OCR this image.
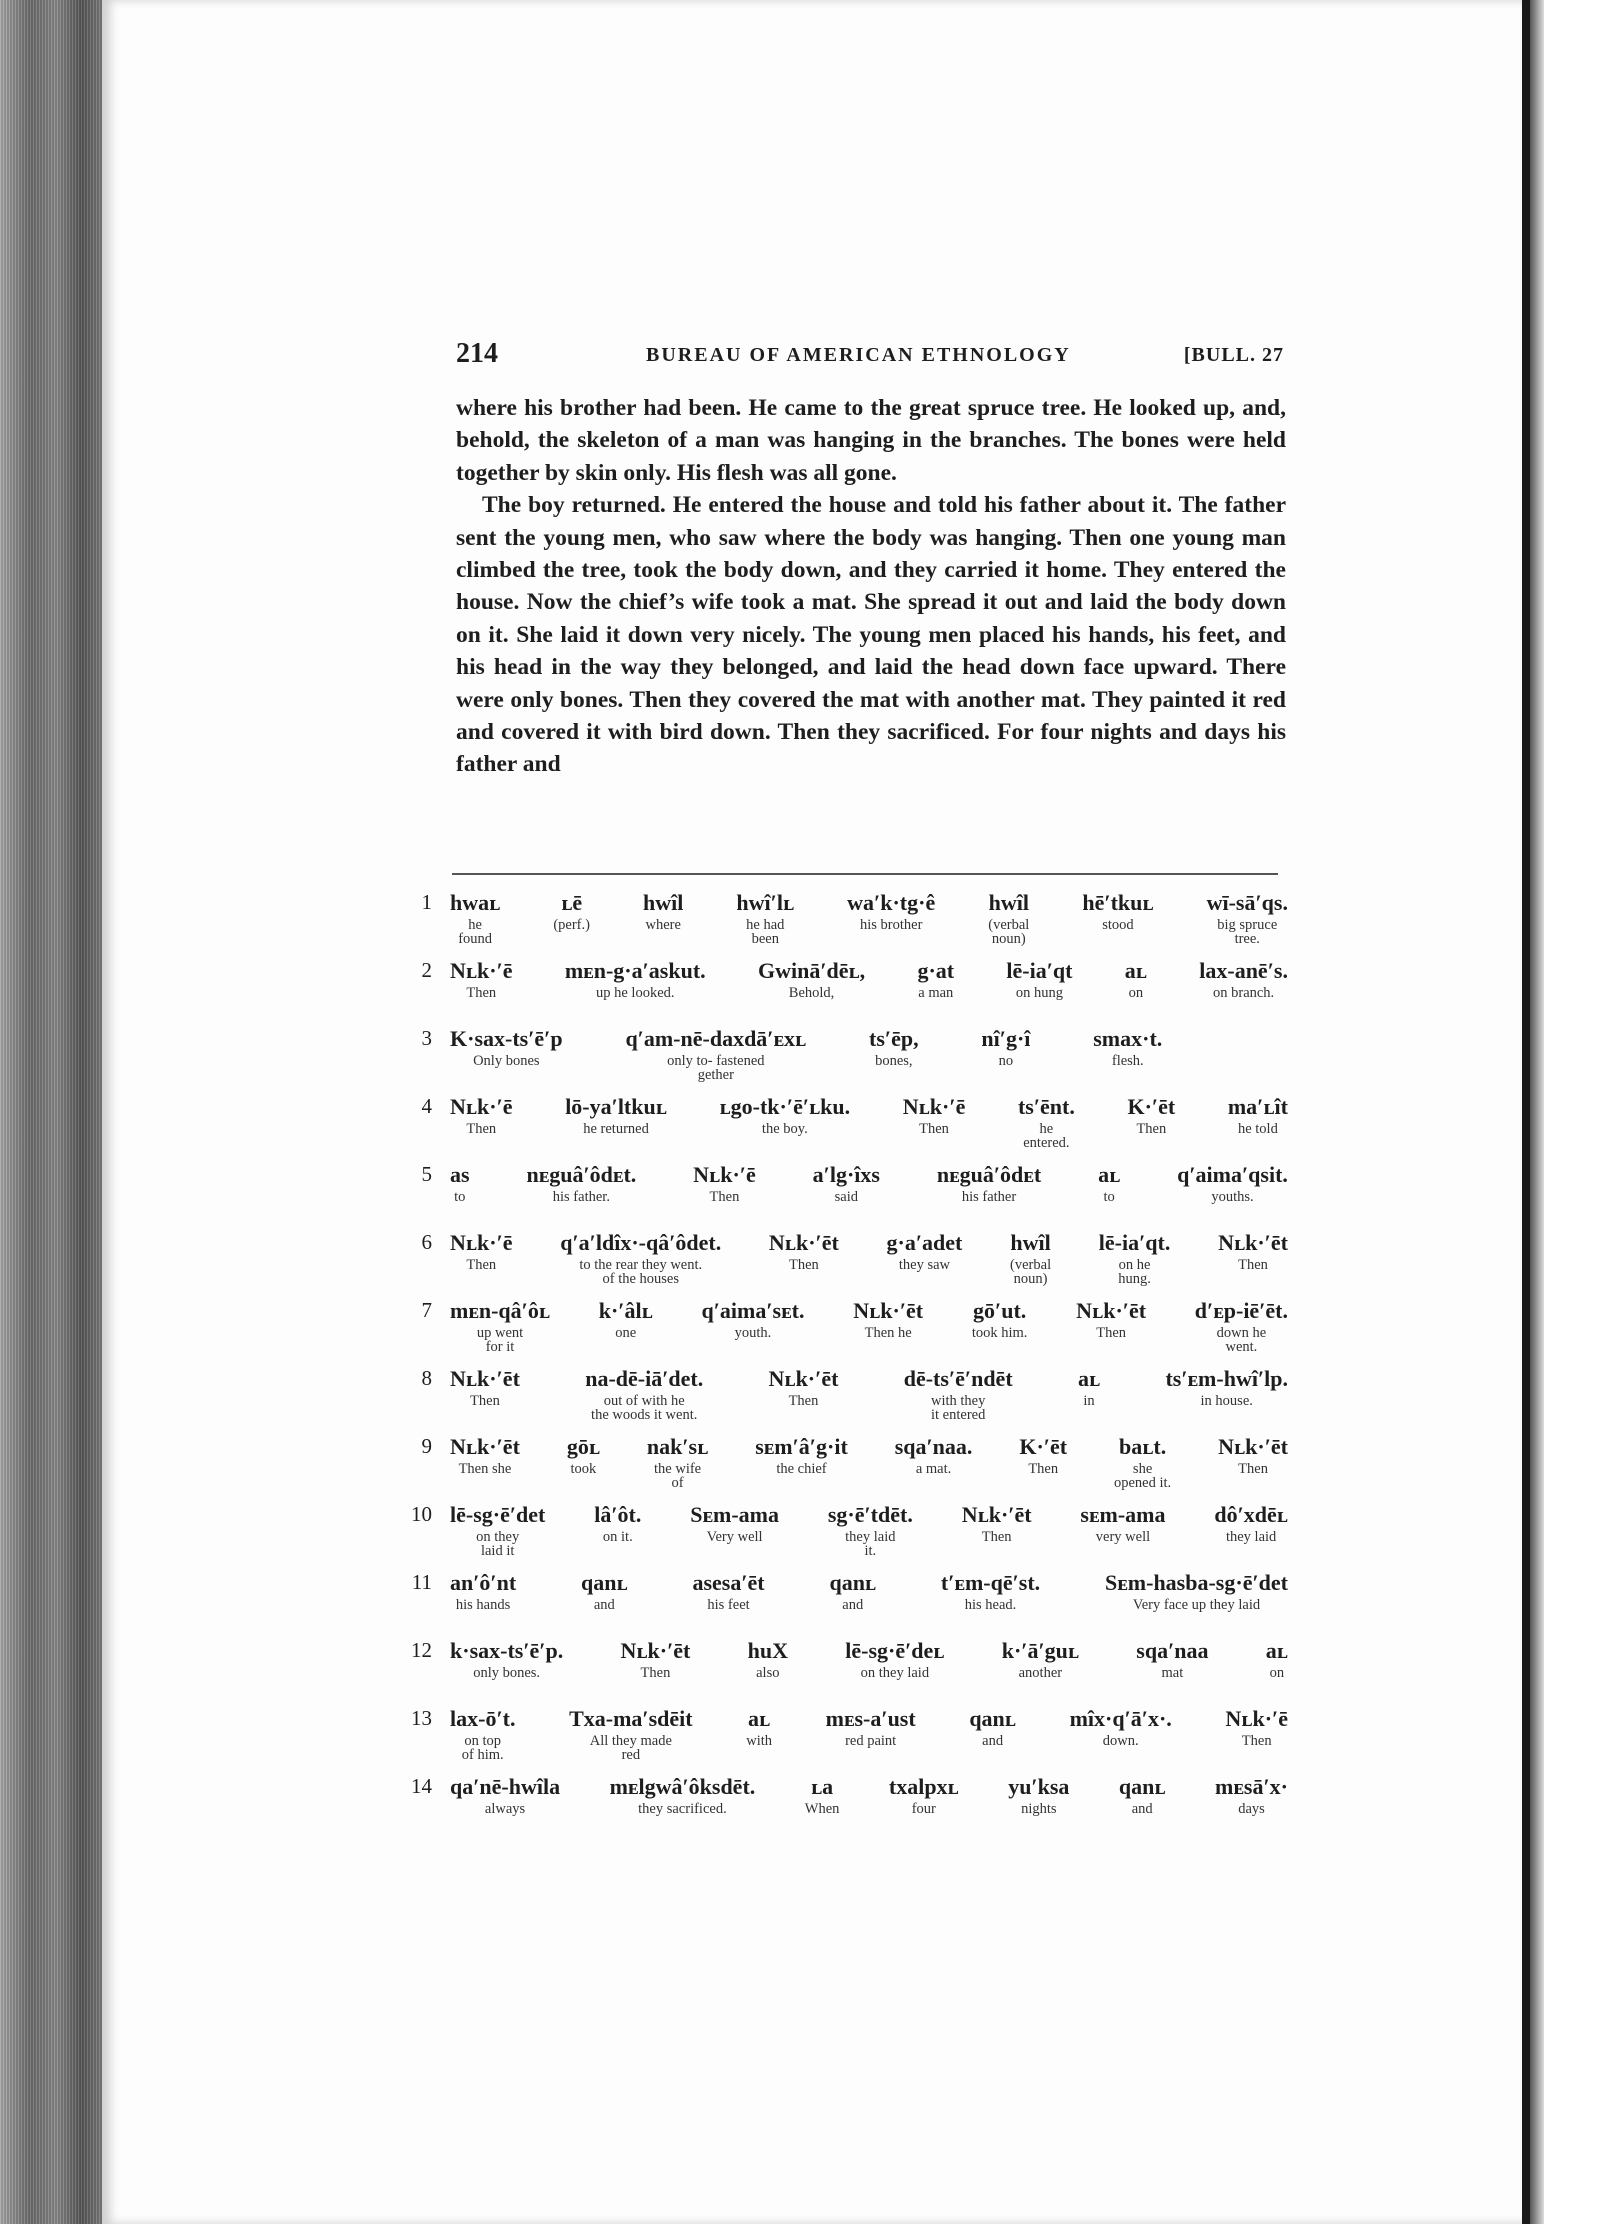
214	BUREAU OF AMERICAN ETHNOLOGY	[BULL. 27

where his brother had been. He came to the great spruce tree. He looked up, and, behold, the skeleton of a man was hanging in the branches. The bones were held together by skin only. His flesh was all gone.

The boy returned. He entered the house and told his father about it. The father sent the young men, who saw where the body was hanging. Then one young man climbed the tree, took the body down, and they carried it home. They entered the house. Now the chief’s wife took a mat. She spread it out and laid the body down on it. She laid it down very nicely. The young men placed his hands, his feet, and his head in the way they belonged, and laid the head down face upward. There were only bones. Then they covered the mat with another mat. They painted it red and covered it with bird down. Then they sacrificed. For four nights and days his father and

1 hwaʟ
he
found
ʟē
(perf.)
hwîl
where
hwî′lʟ
he had
been
wa′k·tg·ê
his brother
hwîl
(verbal
noun)
hē′tkuʟ
stood
wī-sā′qs.
big spruce
tree.
2 Nʟk·′ē
Then
mᴇn-g·a′askut.
up he looked.
Gwinā′dēʟ,
Behold,
g·at
a man
lē-ia′qt
on hung
aʟ
on
lax-anē′s.
on branch.
3 K·sax-ts′ē′p
Only bones
q′am-nē-daxdā′ᴇxʟ
only to- fastened
gether
ts′ēp,
bones,
nî′g·î
no
smax·t.
flesh.
4 Nʟk·′ē
Then
lō-ya′ltkuʟ
he returned
ʟgo-tk·′ē′ʟku.
the boy.
Nʟk·′ē
Then
ts′ēnt.
he
entered.
K·′ēt
Then
ma′ʟît
he told
5 as
to
nᴇguâ′ôdᴇt.
his father.
Nʟk·′ē
Then
a′lg·îxs
said
nᴇguâ′ôdᴇt
his father
aʟ
to
q′aima′qsit.
youths.
6 Nʟk·′ē
Then
q′a′ldîx·-qâ′ôdet.
to the rear they went.
of the houses
Nʟk·′ēt
Then
g·a′adet
they saw
hwîl
(verbal
noun)
lē-ia′qt.
on he
hung.
Nʟk·′ēt
Then
7 mᴇn-qâ′ôʟ
up went
for it
k·′âlʟ
one
q′aima′sᴇt.
youth.
Nʟk·′ēt
Then he
gō′ut.
took him.
Nʟk·′ēt
Then
d′ᴇp-iē′ēt.
down he
went.
8 Nʟk·′ēt
Then
na-dē-iā′det.
out of with he
the woods it went.
Nʟk·′ēt
Then
dē-ts′ē′ndēt
with they
it entered
aʟ
in
ts′ᴇm-hwî′lp.
in house.
9 Nʟk·′ēt
Then she
gōʟ
took
nak′sʟ
the wife
of
sᴇm′â′g·it
the chief
sqa′naa.
a mat.
K·′ēt
Then
baʟt.
she
opened it.
Nʟk·′ēt
Then
10 lē-sg·ē′det
on they
laid it
lâ′ôt.
on it.
Sᴇm-ama
Very well
sg·ē′tdēt.
they laid
it.
Nʟk·′ēt
Then
sᴇm-ama
very well
dô′xdēʟ
they laid
11 an′ô′nt
his hands
qanʟ
and
asesa′ēt
his feet
qanʟ
and
t′ᴇm-qē′st.
his head.
Sᴇm-hasba-sg·ē′det
Very face up they laid
12 k·sax-ts′ē′p.
only bones.
Nʟk·′ēt
Then
huX
also
lē-sg·ē′deʟ
on they laid
k·′ā′guʟ
another
sqa′naa
mat
aʟ
on
13 lax-ō′t.
on top
of him.
Txa-ma′sdēit
All they made
red
aʟ
with
mᴇs-a′ust
red paint
qanʟ
and
mîx·q′ā′x·.
down.
Nʟk·′ē
Then
14 qa′nē-hwîla
always
mᴇlgwâ′ôksdēt.
they sacrificed.
ʟa
When
txalpxʟ
four
yu′ksa
nights
qanʟ
and
mᴇsā′x·
days
